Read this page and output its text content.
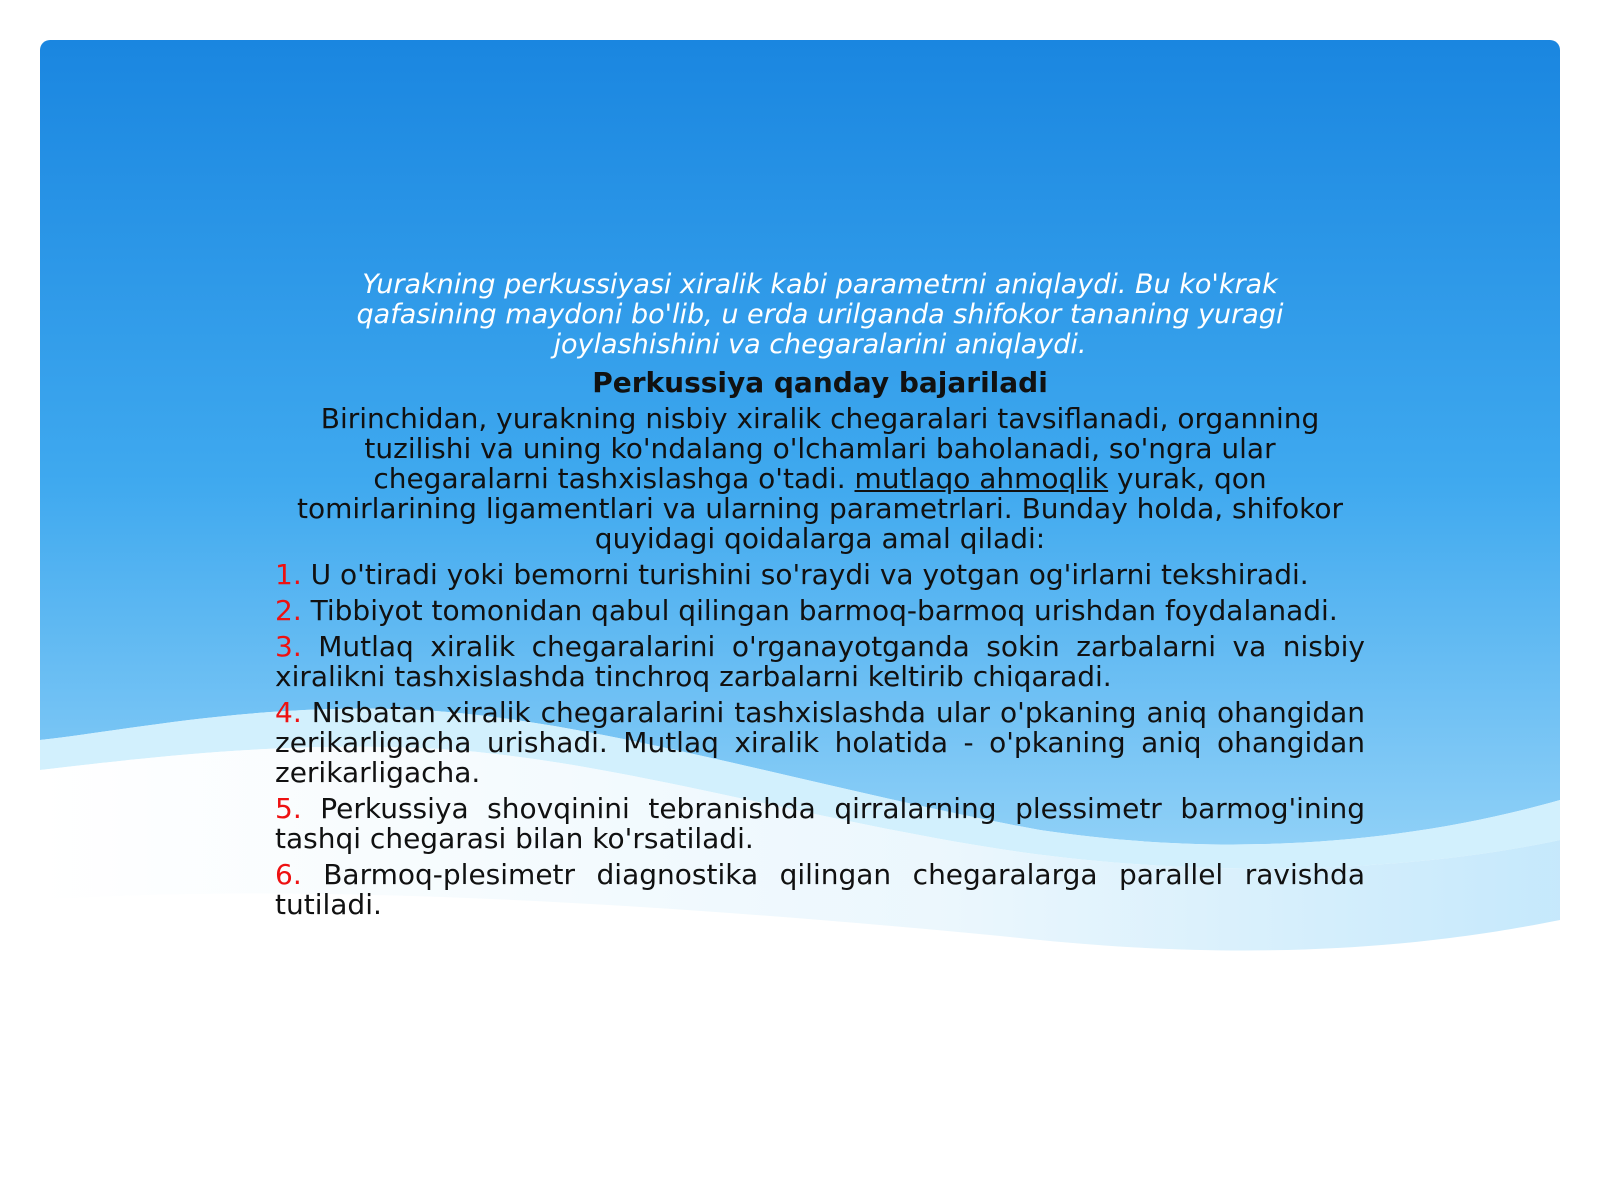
Yurakning perkussiyasi xiralik kabi parametrni aniqlaydi. Bu ko'krak qafasining maydoni bo'lib, u erda urilganda shifokor tananing yuragi joylashishini va chegaralarini aniqlaydi.
Perkussiya qanday bajariladi
Birinchidan, yurakning nisbiy xiralik chegaralari tavsiflanadi, organning tuzilishi va uning ko'ndalang o'lchamlari baholanadi, so'ngra ular chegaralarni tashxislashga o'tadi. mutlaqo ahmoqlik yurak, qon tomirlarining ligamentlari va ularning parametrlari. Bunday holda, shifokor quyidagi qoidalarga amal qiladi:
1. U o'tiradi yoki bemorni turishini so'raydi va yotgan og'irlarni tekshiradi.
2. Tibbiyot tomonidan qabul qilingan barmoq-barmoq urishdan foydalanadi.
3. Mutlaq xiralik chegaralarini o'rganayotganda sokin zarbalarni va nisbiy xiralikni tashxislashda tinchroq zarbalarni keltirib chiqaradi.
4. Nisbatan xiralik chegaralarini tashxislashda ular o'pkaning aniq ohangidan zerikarligacha urishadi. Mutlaq xiralik holatida - o'pkaning aniq ohangidan zerikarligacha.
5. Perkussiya shovqinini tebranishda qirralarning plessimetr barmog'ining tashqi chegarasi bilan ko'rsatiladi.
6. Barmoq-plesimetr diagnostika qilingan chegaralarga parallel ravishda tutiladi.
